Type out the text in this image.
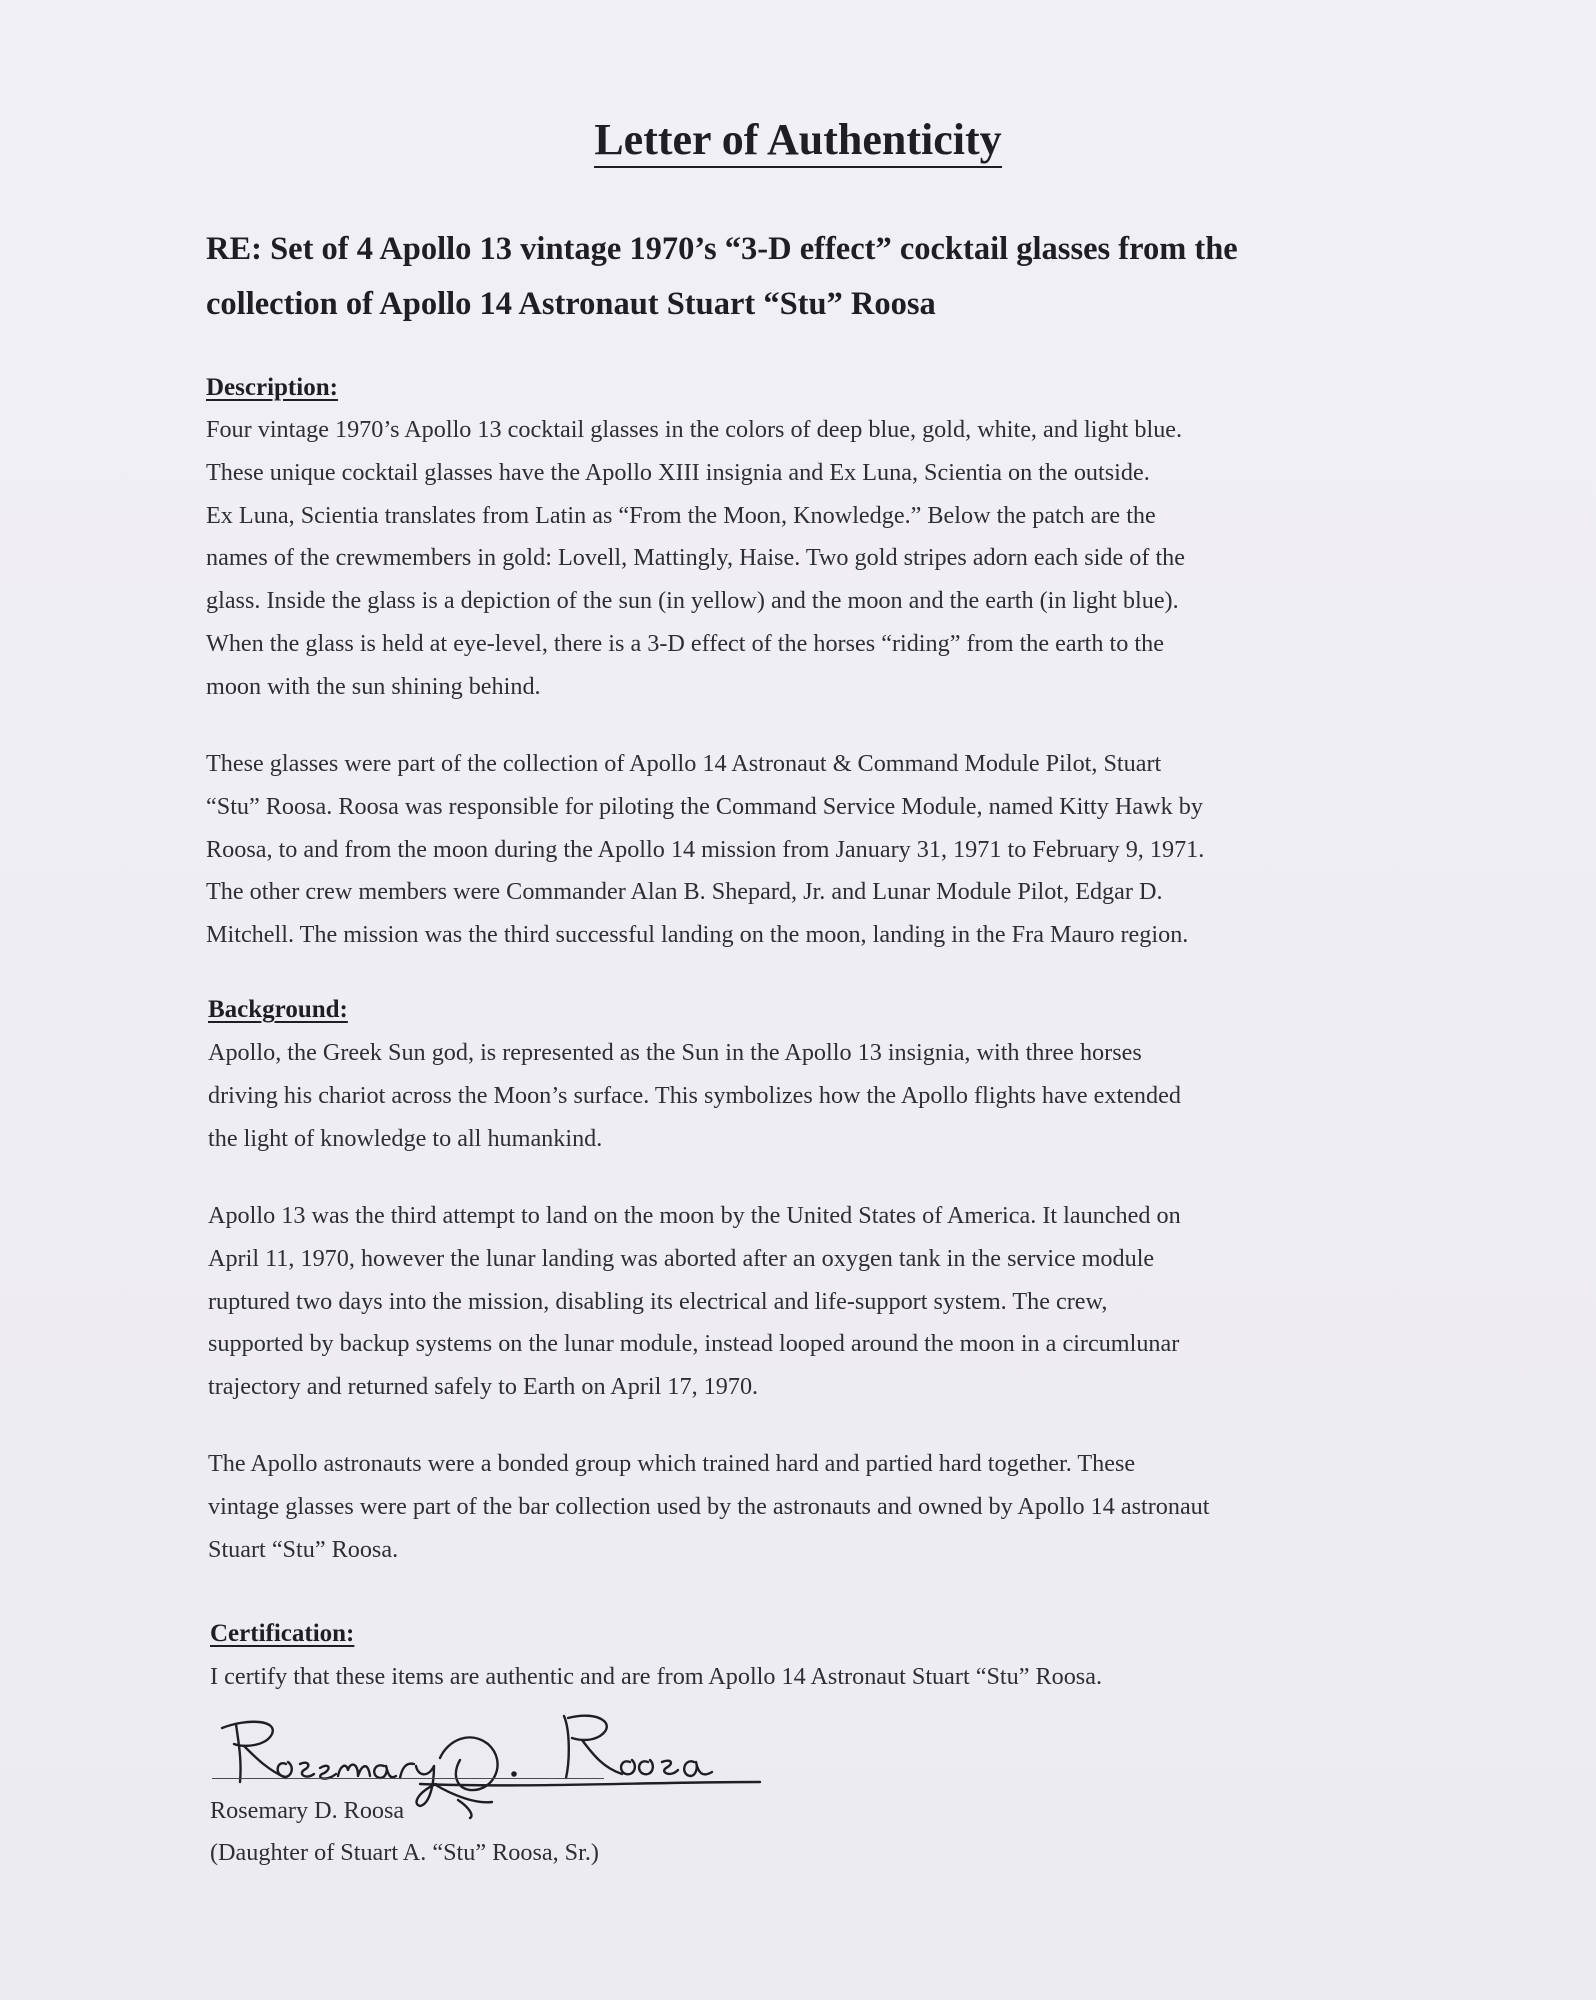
Letter of Authenticity
RE: Set of 4 Apollo 13 vintage 1970’s “3-D effect” cocktail glasses from the
collection of Apollo 14 Astronaut Stuart “Stu” Roosa
Description:
Four vintage 1970’s Apollo 13 cocktail glasses in the colors of deep blue, gold, white, and light blue.
These unique cocktail glasses have the Apollo XIII insignia and Ex Luna, Scientia on the outside.
Ex Luna, Scientia translates from Latin as “From the Moon, Knowledge.” Below the patch are the
names of the crewmembers in gold: Lovell, Mattingly, Haise. Two gold stripes adorn each side of the
glass. Inside the glass is a depiction of the sun (in yellow) and the moon and the earth (in light blue).
When the glass is held at eye-level, there is a 3-D effect of the horses “riding” from the earth to the
moon with the sun shining behind.
These glasses were part of the collection of Apollo 14 Astronaut & Command Module Pilot, Stuart
“Stu” Roosa. Roosa was responsible for piloting the Command Service Module, named Kitty Hawk by
Roosa, to and from the moon during the Apollo 14 mission from January 31, 1971 to February 9, 1971.
The other crew members were Commander Alan B. Shepard, Jr. and Lunar Module Pilot, Edgar D.
Mitchell. The mission was the third successful landing on the moon, landing in the Fra Mauro region.
Background:
Apollo, the Greek Sun god, is represented as the Sun in the Apollo 13 insignia, with three horses
driving his chariot across the Moon’s surface. This symbolizes how the Apollo flights have extended
the light of knowledge to all humankind.
Apollo 13 was the third attempt to land on the moon by the United States of America. It launched on
April 11, 1970, however the lunar landing was aborted after an oxygen tank in the service module
ruptured two days into the mission, disabling its electrical and life-support system. The crew,
supported by backup systems on the lunar module, instead looped around the moon in a circumlunar
trajectory and returned safely to Earth on April 17, 1970.
The Apollo astronauts were a bonded group which trained hard and partied hard together. These
vintage glasses were part of the bar collection used by the astronauts and owned by Apollo 14 astronaut
Stuart “Stu” Roosa.
Certification:
I certify that these items are authentic and are from Apollo 14 Astronaut Stuart “Stu” Roosa.
Rosemary D. Roosa
(Daughter of Stuart A. “Stu” Roosa, Sr.)
